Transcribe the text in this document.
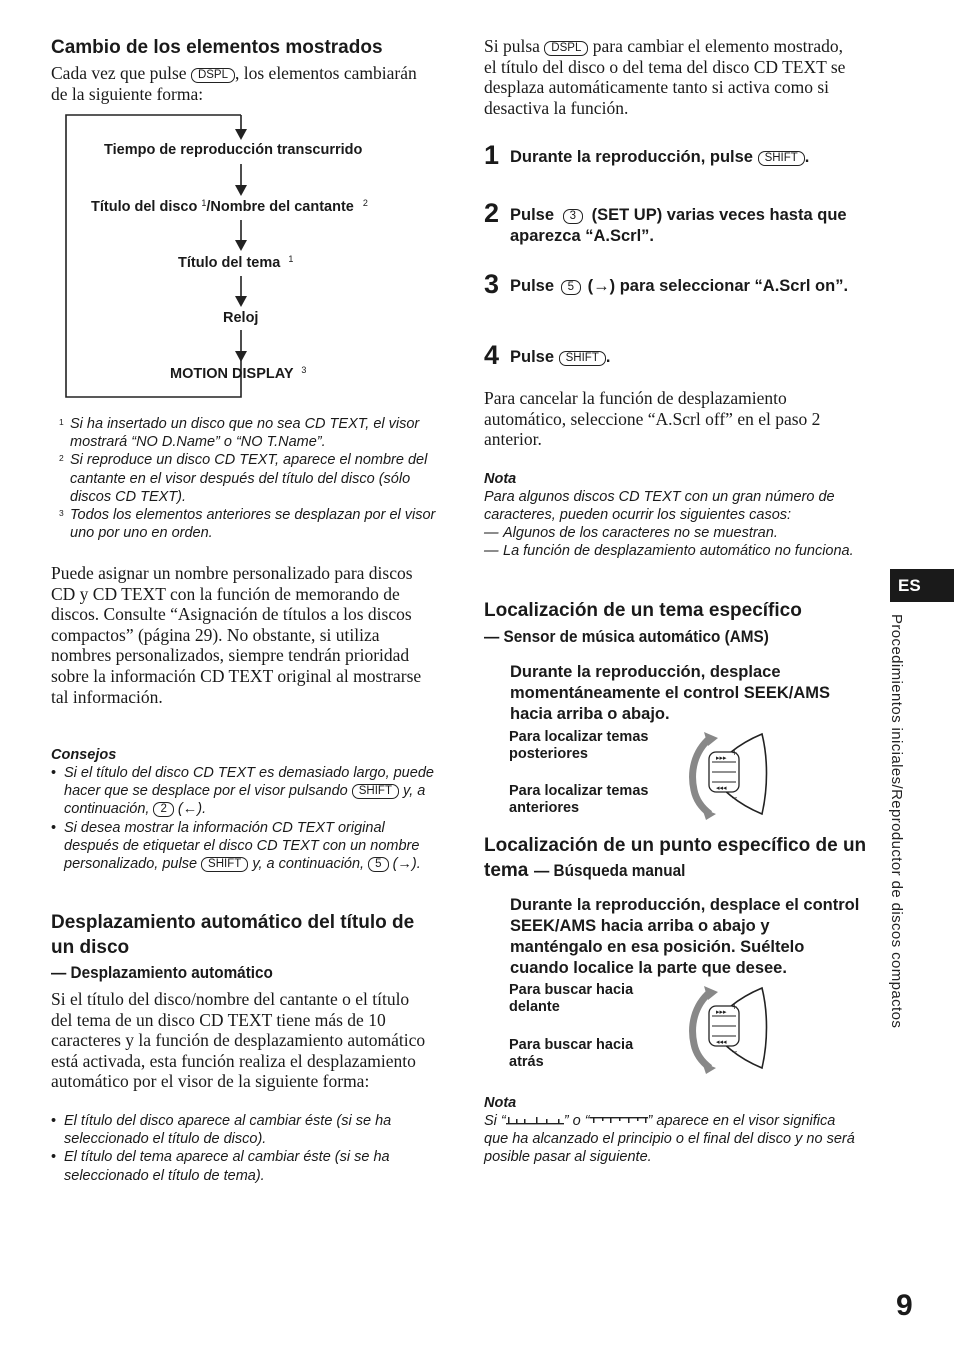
Cambio de los elementos mostrados
Cada vez que pulse DSPL , los elementos cambiarán de la siguiente forma:
Tiempo de reproducción transcurrido
Título del disco $^1$/Nombre del cantante $^2$
Título del tema $^1$
Reloj
MOTION DISPLAY $^3$
1 Si ha insertado un disco que no sea CD TEXT, el visor mostrará “NO D.Name” o “NO T.Name”.
2 Si reproduce un disco CD TEXT, aparece el nombre del cantante en el visor después del título del disco (sólo discos CD TEXT).
3 Todos los elementos anteriores se desplazan por el visor uno por uno en orden.
Puede asignar un nombre personalizado para discos CD y CD TEXT con la función de memorando de discos. Consulte “Asignación de títulos a los discos compactos” (página 29). No obstante, si utiliza nombres personalizados, siempre tendrán prioridad sobre la información CD TEXT original al mostrarse tal información.
Consejos
• Si el título del disco CD TEXT es demasiado largo, puede hacer que se desplace por el visor pulsando SHIFT y, a continuación, 2 (←).
• Si desea mostrar la información CD TEXT original después de etiquetar el disco CD TEXT con un nombre personalizado, pulse SHIFT y, a continuación, 5 (→).
Desplazamiento automático del título de un disco
— Desplazamiento automático
Si el título del disco/nombre del cantante o el título del tema de un disco CD TEXT tiene más de 10 caracteres y la función de desplazamiento automático está activada, esta función realiza el desplazamiento automático por el visor de la siguiente forma:
• El título del disco aparece al cambiar éste (si se ha seleccionado el título de disco).
• El título del tema aparece al cambiar éste (si se ha seleccionado el título de tema).
Si pulsa DSPL para cambiar el elemento mostrado, el título del disco o del tema del disco CD TEXT se desplaza automáticamente tanto si activa como si desactiva la función.
1 Durante la reproducción, pulse SHIFT .
2 Pulse 3 (SET UP) varias veces hasta que aparezca “A.Scrl”.
3 Pulse 5 (→) para seleccionar “A.Scrl on”.
4 Pulse SHIFT .
Para cancelar la función de desplazamiento automático, seleccione “A.Scrl off” en el paso 2 anterior.
Nota
Para algunos discos CD TEXT con un gran número de caracteres, pueden ocurrir los siguientes casos:
— Algunos de los caracteres no se muestran.
— La función de desplazamiento automático no funciona.
Localización de un tema específico
— Sensor de música automático (AMS)
Durante la reproducción, desplace momentáneamente el control SEEK/AMS hacia arriba o abajo.
Para localizar temas posteriores
Para localizar temas anteriores
▸▸▸
◂◂◂
+
–
Localización de un punto específico de un tema — Búsqueda manual
Durante la reproducción, desplace el control SEEK/AMS hacia arriba o abajo y manténgalo en esa posición. Suéltelo cuando localice la parte que desee.
Para buscar hacia delante
Para buscar hacia atrás
▸▸▸
◂◂◂
+
–
Nota
Si “	” o “	” aparece en el visor significa que ha alcanzado el principio o el final del disco y no será posible pasar al siguiente.
ES
Procedimientos iniciales/Reproductor de discos compactos
9
